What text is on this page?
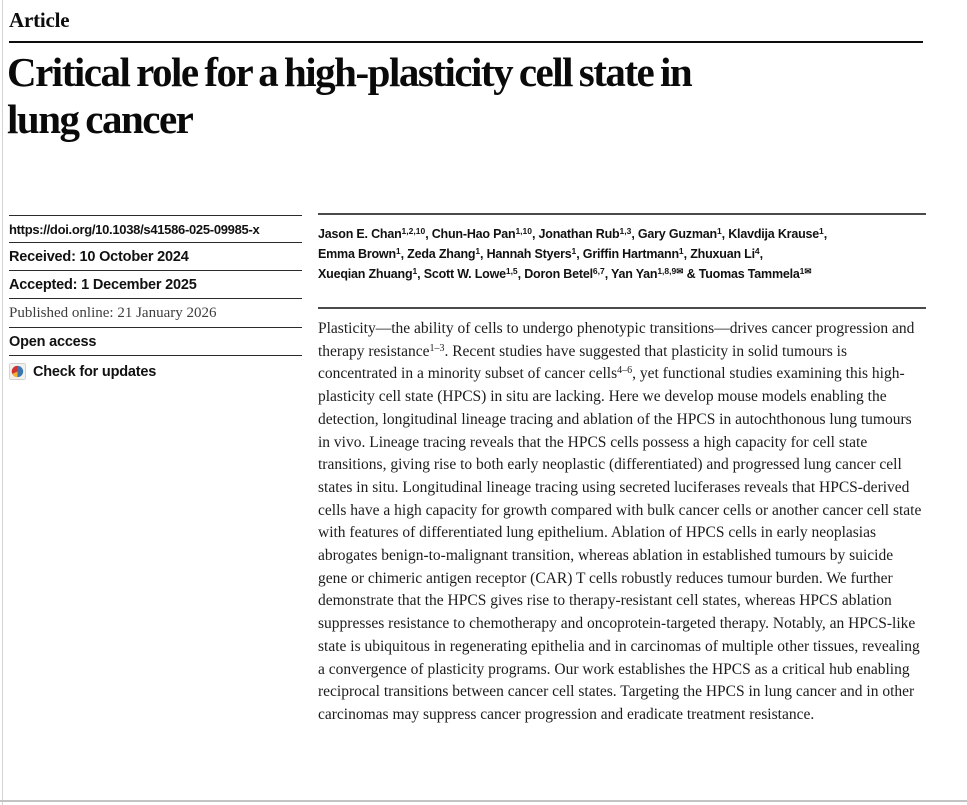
Article
Critical role for a high-plasticity cell state in
lung cancer
https://doi.org/10.1038/s41586-025-09985-x
Received: 10 October 2024
Accepted: 1 December 2025
Published online: 21 January 2026
Open access
Check for updates
Jason E. Chan$^{1,2,10}$, Chun-Hao Pan$^{1,10}$, Jonathan Rub$^{1,3}$, Gary Guzman$^1$, Klavdija Krause$^1$,
Emma Brown$^1$, Zeda Zhang$^1$, Hannah Styers$^1$, Griffin Hartmann$^1$, Zhuxuan Li$^4$,
Xueqian Zhuang$^1$, Scott W. Lowe$^{1,5}$, Doron Betel$^{6,7}$, Yan Yan$^{1,8,9✉}$ & Tuomas Tammela$^{1✉}$
Plasticity—the ability of cells to undergo phenotypic transitions—drives cancer progression and therapy resistance$^{1-3}$. Recent studies have suggested that plasticity in solid tumours is concentrated in a minority subset of cancer cells$^{4-6}$, yet functional studies examining this high-plasticity cell state (HPCS) in situ are lacking. Here we develop mouse models enabling the detection, longitudinal lineage tracing and ablation of the HPCS in autochthonous lung tumours in vivo. Lineage tracing reveals that the HPCS cells possess a high capacity for cell state transitions, giving rise to both early neoplastic (differentiated) and progressed lung cancer cell states in situ. Longitudinal lineage tracing using secreted luciferases reveals that HPCS-derived cells have a high capacity for growth compared with bulk cancer cells or another cancer cell state with features of differentiated lung epithelium. Ablation of HPCS cells in early neoplasias abrogates benign-to-malignant transition, whereas ablation in established tumours by suicide gene or chimeric antigen receptor (CAR) T cells robustly reduces tumour burden. We further demonstrate that the HPCS gives rise to therapy-resistant cell states, whereas HPCS ablation suppresses resistance to chemotherapy and oncoprotein-targeted therapy. Notably, an HPCS-like state is ubiquitous in regenerating epithelia and in carcinomas of multiple other tissues, revealing a convergence of plasticity programs. Our work establishes the HPCS as a critical hub enabling reciprocal transitions between cancer cell states. Targeting the HPCS in lung cancer and in other carcinomas may suppress cancer progression and eradicate treatment resistance.
